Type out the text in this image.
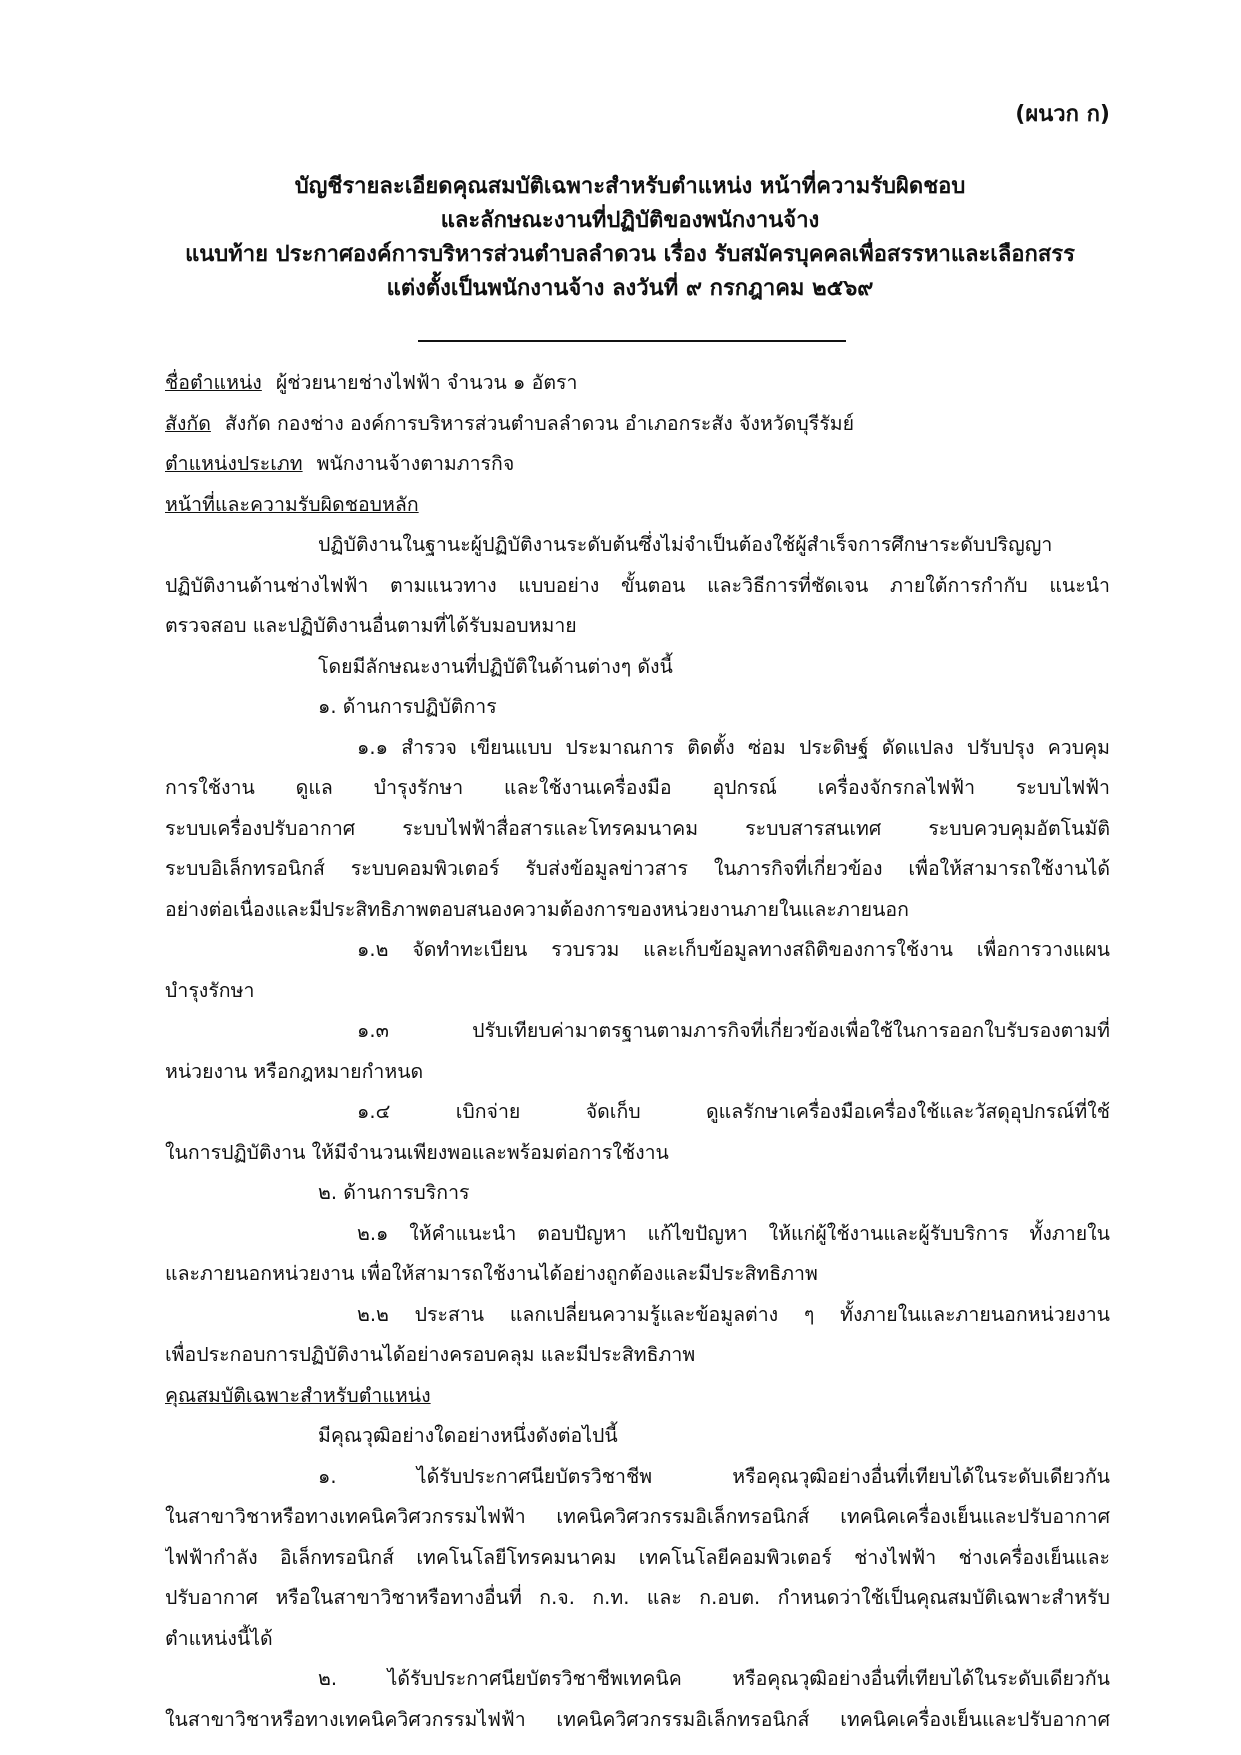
(ผนวก ก)
บัญชีรายละเอียดคุณสมบัติเฉพาะสำหรับตำแหน่ง หน้าที่ความรับผิดชอบ
และลักษณะงานที่ปฏิบัติของพนักงานจ้าง
แนบท้าย ประกาศองค์การบริหารส่วนตำบลลำดวน เรื่อง รับสมัครบุคคลเพื่อสรรหาและเลือกสรร
แต่งตั้งเป็นพนักงานจ้าง ลงวันที่ ๙ กรกฎาคม ๒๕๖๙
ชื่อตำแหน่ง ผู้ช่วยนายช่างไฟฟ้า จำนวน ๑ อัตรา
สังกัด สังกัด กองช่าง องค์การบริหารส่วนตำบลลำดวน อำเภอกระสัง จังหวัดบุรีรัมย์
ตำแหน่งประเภท พนักงานจ้างตามภารกิจ
หน้าที่และความรับผิดชอบหลัก
ปฏิบัติงานในฐานะผู้ปฏิบัติงานระดับต้นซึ่งไม่จำเป็นต้องใช้ผู้สำเร็จการศึกษาระดับปริญญา
ปฏิบัติงานด้านช่างไฟฟ้า ตามแนวทาง แบบอย่าง ขั้นตอน และวิธีการที่ชัดเจน ภายใต้การกำกับ แนะนำ
ตรวจสอบ และปฏิบัติงานอื่นตามที่ได้รับมอบหมาย
โดยมีลักษณะงานที่ปฏิบัติในด้านต่างๆ ดังนี้
๑. ด้านการปฏิบัติการ
๑.๑ สำรวจ เขียนแบบ ประมาณการ ติดตั้ง ซ่อม ประดิษฐ์ ดัดแปลง ปรับปรุง ควบคุม
การใช้งาน ดูแล บำรุงรักษา และใช้งานเครื่องมือ อุปกรณ์ เครื่องจักรกลไฟฟ้า ระบบไฟฟ้า
ระบบเครื่องปรับอากาศ ระบบไฟฟ้าสื่อสารและโทรคมนาคม ระบบสารสนเทศ ระบบควบคุมอัตโนมัติ
ระบบอิเล็กทรอนิกส์ ระบบคอมพิวเตอร์ รับส่งข้อมูลข่าวสาร ในภารกิจที่เกี่ยวข้อง เพื่อให้สามารถใช้งานได้
อย่างต่อเนื่องและมีประสิทธิภาพตอบสนองความต้องการของหน่วยงานภายในและภายนอก
๑.๒ จัดทำทะเบียน รวบรวม และเก็บข้อมูลทางสถิติของการใช้งาน เพื่อการวางแผน
บำรุงรักษา
๑.๓ ปรับเทียบค่ามาตรฐานตามภารกิจที่เกี่ยวข้องเพื่อใช้ในการออกใบรับรองตามที่
หน่วยงาน หรือกฎหมายกำหนด
๑.๔ เบิกจ่าย จัดเก็บ ดูแลรักษาเครื่องมือเครื่องใช้และวัสดุอุปกรณ์ที่ใช้
ในการปฏิบัติงาน ให้มีจำนวนเพียงพอและพร้อมต่อการใช้งาน
๒. ด้านการบริการ
๒.๑ ให้คำแนะนำ ตอบปัญหา แก้ไขปัญหา ให้แก่ผู้ใช้งานและผู้รับบริการ ทั้งภายใน
และภายนอกหน่วยงาน เพื่อให้สามารถใช้งานได้อย่างถูกต้องและมีประสิทธิภาพ
๒.๒ ประสาน แลกเปลี่ยนความรู้และข้อมูลต่าง ๆ ทั้งภายในและภายนอกหน่วยงาน
เพื่อประกอบการปฏิบัติงานได้อย่างครอบคลุม และมีประสิทธิภาพ
คุณสมบัติเฉพาะสำหรับตำแหน่ง
มีคุณวุฒิอย่างใดอย่างหนึ่งดังต่อไปนี้
๑. ได้รับประกาศนียบัตรวิชาชีพ หรือคุณวุฒิอย่างอื่นที่เทียบได้ในระดับเดียวกัน
ในสาขาวิชาหรือทางเทคนิควิศวกรรมไฟฟ้า เทคนิควิศวกรรมอิเล็กทรอนิกส์ เทคนิคเครื่องเย็นและปรับอากาศ
ไฟฟ้ากำลัง อิเล็กทรอนิกส์ เทคโนโลยีโทรคมนาคม เทคโนโลยีคอมพิวเตอร์ ช่างไฟฟ้า ช่างเครื่องเย็นและ
ปรับอากาศ หรือในสาขาวิชาหรือทางอื่นที่ ก.จ. ก.ท. และ ก.อบต. กำหนดว่าใช้เป็นคุณสมบัติเฉพาะสำหรับ
ตำแหน่งนี้ได้
๒. ได้รับประกาศนียบัตรวิชาชีพเทคนิค หรือคุณวุฒิอย่างอื่นที่เทียบได้ในระดับเดียวกัน
ในสาขาวิชาหรือทางเทคนิควิศวกรรมไฟฟ้า เทคนิควิศวกรรมอิเล็กทรอนิกส์ เทคนิคเครื่องเย็นและปรับอากาศ
